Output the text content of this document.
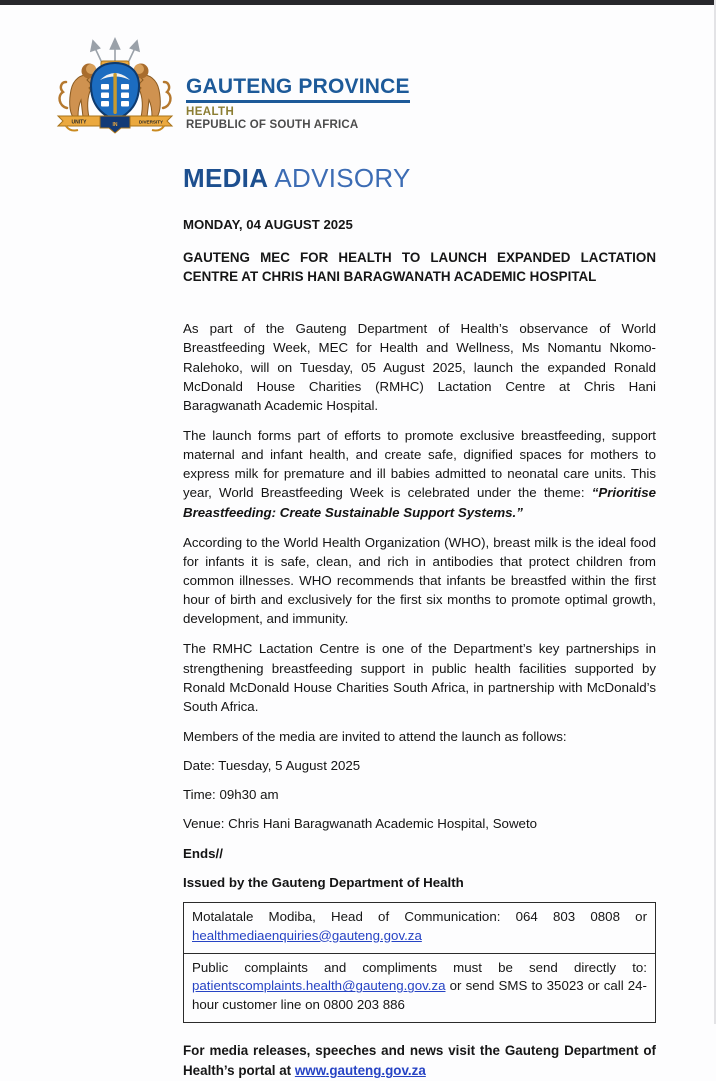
UNITY	IN	DIVERSITY
GAUTENG PROVINCE
HEALTH
REPUBLIC OF SOUTH AFRICA
MEDIA ADVISORY
MONDAY, 04 AUGUST 2025
GAUTENG MEC FOR HEALTH TO LAUNCH EXPANDED LACTATION CENTRE AT CHRIS HANI BARAGWANATH ACADEMIC HOSPITAL

As part of the Gauteng Department of Health’s observance of World Breastfeeding Week, MEC for Health and Wellness, Ms Nomantu Nkomo-Ralehoko, will on Tuesday, 05 August 2025, launch the expanded Ronald McDonald House Charities (RMHC) Lactation Centre at Chris Hani Baragwanath Academic Hospital.

The launch forms part of efforts to promote exclusive breastfeeding, support maternal and infant health, and create safe, dignified spaces for mothers to express milk for premature and ill babies admitted to neonatal care units. This year, World Breastfeeding Week is celebrated under the theme: “Prioritise Breastfeeding: Create Sustainable Support Systems.”

According to the World Health Organization (WHO), breast milk is the ideal food for infants it is safe, clean, and rich in antibodies that protect children from common illnesses. WHO recommends that infants be breastfed within the first hour of birth and exclusively for the first six months to promote optimal growth, development, and immunity.

The RMHC Lactation Centre is one of the Department’s key partnerships in strengthening breastfeeding support in public health facilities supported by Ronald McDonald House Charities South Africa, in partnership with McDonald’s South Africa.

Members of the media are invited to attend the launch as follows:

Date: Tuesday, 5 August 2025

Time: 09h30 am

Venue: Chris Hani Baragwanath Academic Hospital, Soweto

Ends//

Issued by the Gauteng Department of Health

Motalatale Modiba, Head of Communication: 064 803 0808 or healthmediaenquiries@gauteng.gov.za
Public complaints and compliments must be send directly to: patientscomplaints.health@gauteng.gov.za or send SMS to 35023 or call 24-hour customer line on 0800 203 886

For media releases, speeches and news visit the Gauteng Department of Health’s portal at www.gauteng.gov.za
